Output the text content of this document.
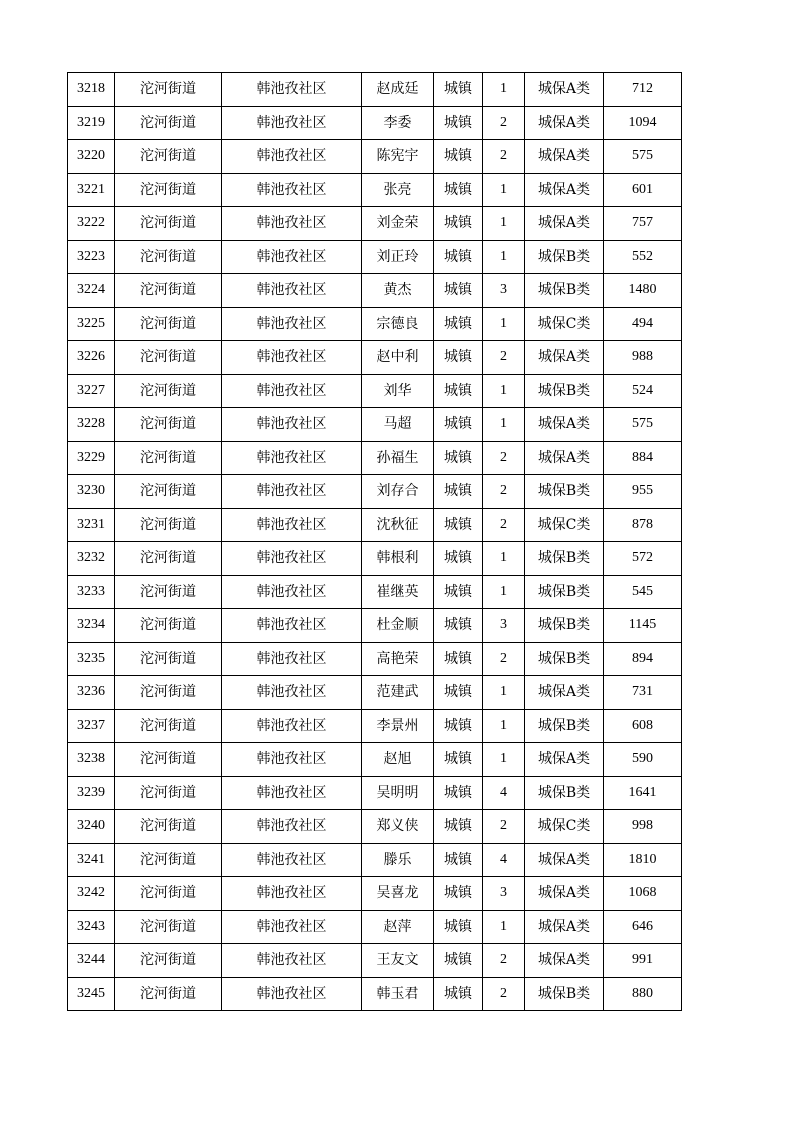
3218	沱河街道	韩池孜社区	赵成廷	城镇	1	城保A类	712
3219	沱河街道	韩池孜社区	李委	城镇	2	城保A类	1094
3220	沱河街道	韩池孜社区	陈宪宇	城镇	2	城保A类	575
3221	沱河街道	韩池孜社区	张亮	城镇	1	城保A类	601
3222	沱河街道	韩池孜社区	刘金荣	城镇	1	城保A类	757
3223	沱河街道	韩池孜社区	刘正玲	城镇	1	城保B类	552
3224	沱河街道	韩池孜社区	黄杰	城镇	3	城保B类	1480
3225	沱河街道	韩池孜社区	宗德良	城镇	1	城保C类	494
3226	沱河街道	韩池孜社区	赵中利	城镇	2	城保A类	988
3227	沱河街道	韩池孜社区	刘华	城镇	1	城保B类	524
3228	沱河街道	韩池孜社区	马超	城镇	1	城保A类	575
3229	沱河街道	韩池孜社区	孙福生	城镇	2	城保A类	884
3230	沱河街道	韩池孜社区	刘存合	城镇	2	城保B类	955
3231	沱河街道	韩池孜社区	沈秋征	城镇	2	城保C类	878
3232	沱河街道	韩池孜社区	韩根利	城镇	1	城保B类	572
3233	沱河街道	韩池孜社区	崔继英	城镇	1	城保B类	545
3234	沱河街道	韩池孜社区	杜金顺	城镇	3	城保B类	1145
3235	沱河街道	韩池孜社区	高艳荣	城镇	2	城保B类	894
3236	沱河街道	韩池孜社区	范建武	城镇	1	城保A类	731
3237	沱河街道	韩池孜社区	李景州	城镇	1	城保B类	608
3238	沱河街道	韩池孜社区	赵旭	城镇	1	城保A类	590
3239	沱河街道	韩池孜社区	吴明明	城镇	4	城保B类	1641
3240	沱河街道	韩池孜社区	郑义侠	城镇	2	城保C类	998
3241	沱河街道	韩池孜社区	滕乐	城镇	4	城保A类	1810
3242	沱河街道	韩池孜社区	吴喜龙	城镇	3	城保A类	1068
3243	沱河街道	韩池孜社区	赵萍	城镇	1	城保A类	646
3244	沱河街道	韩池孜社区	王友文	城镇	2	城保A类	991
3245	沱河街道	韩池孜社区	韩玉君	城镇	2	城保B类	880
